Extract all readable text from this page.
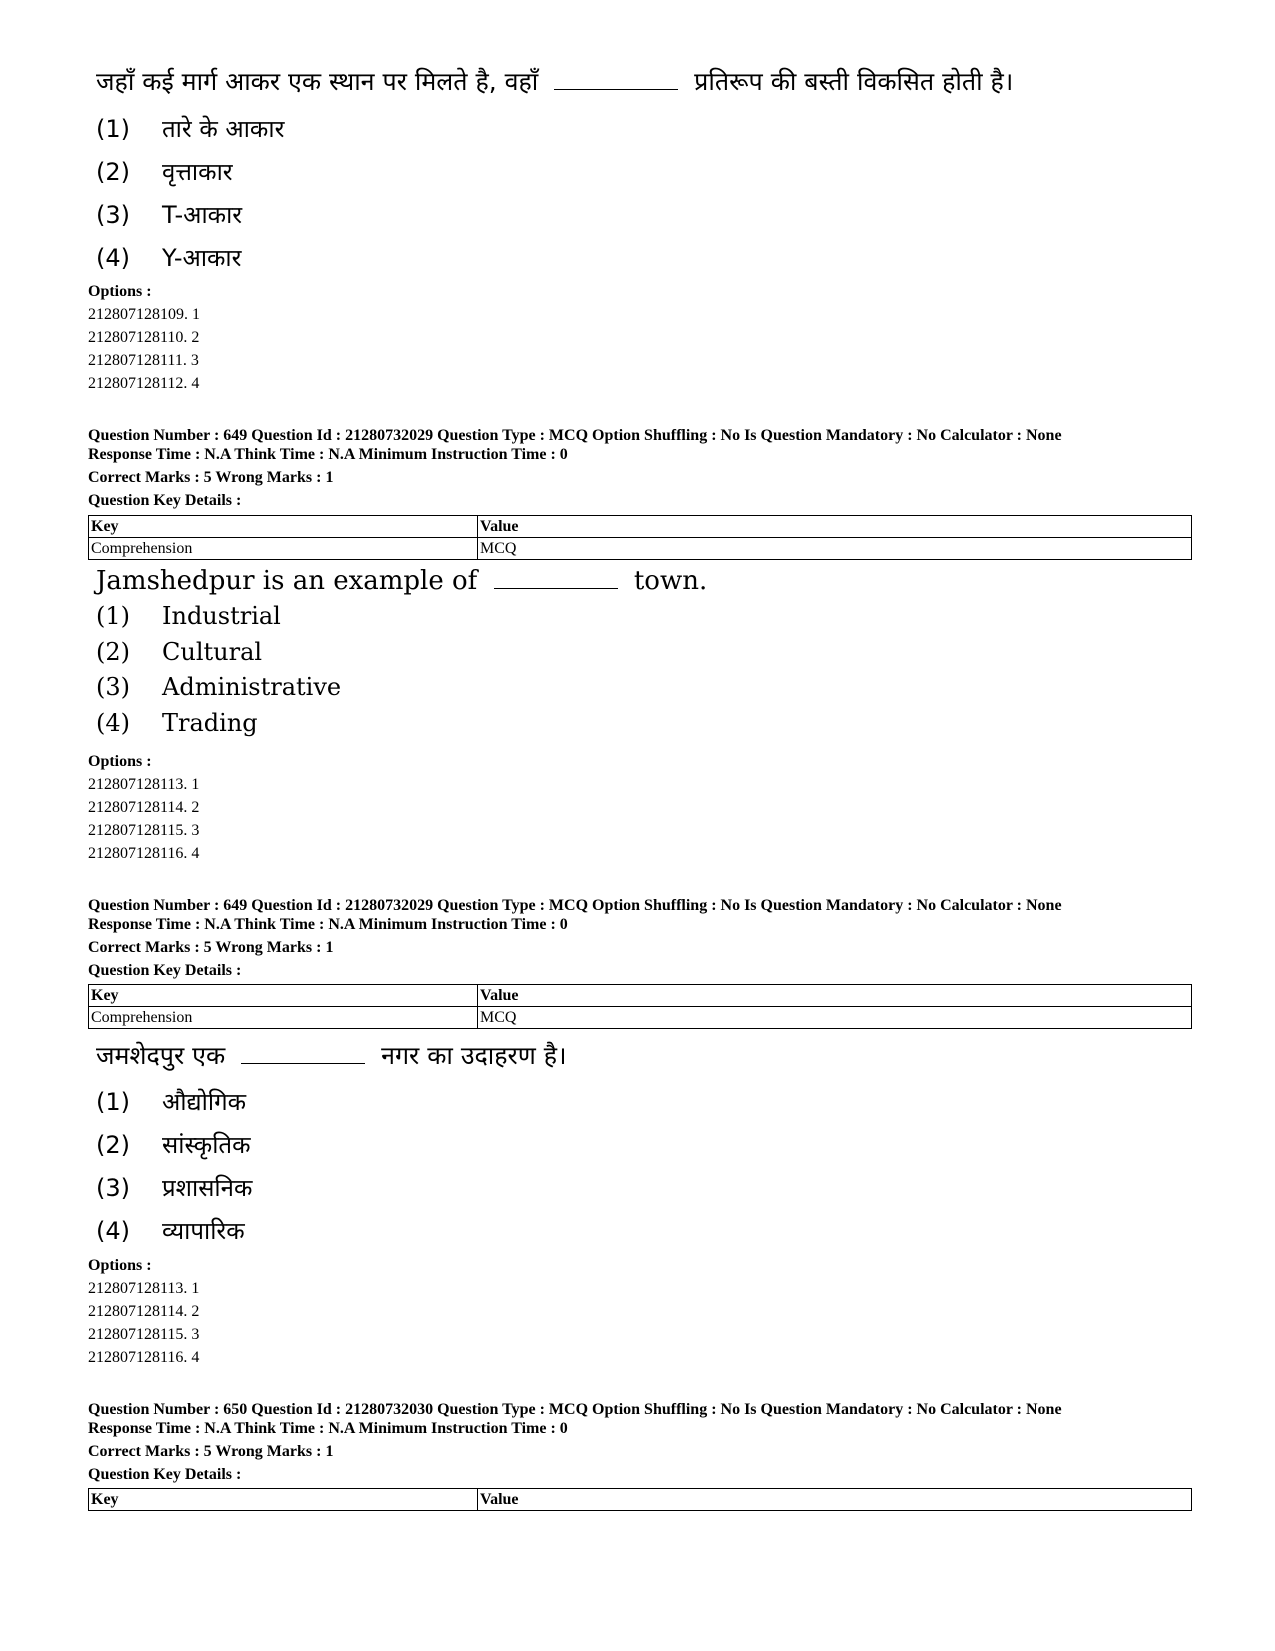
जहाँ कई मार्ग आकर एक स्थान पर मिलते है, वहाँ	प्रतिरूप की बस्ती विकसित होती है।
(1) तारे के आकार
(2) वृत्ताकार
(3) T-आकार
(4) Y-आकार
Options :
212807128109. 1
212807128110. 2
212807128111. 3
212807128112. 4
Question Number : 649 Question Id : 21280732029 Question Type : MCQ Option Shuffling : No Is Question Mandatory : No Calculator : None
Response Time : N.A Think Time : N.A Minimum Instruction Time : 0
Correct Marks : 5 Wrong Marks : 1
Question Key Details :
Key	Value
Comprehension	MCQ
Jamshedpur is an example of	town.
(1) Industrial
(2) Cultural
(3) Administrative
(4) Trading
Options :
212807128113. 1
212807128114. 2
212807128115. 3
212807128116. 4
Question Number : 649 Question Id : 21280732029 Question Type : MCQ Option Shuffling : No Is Question Mandatory : No Calculator : None
Response Time : N.A Think Time : N.A Minimum Instruction Time : 0
Correct Marks : 5 Wrong Marks : 1
Question Key Details :
Key	Value
Comprehension	MCQ
जमशेदपुर एक	नगर का उदाहरण है।
(1) औद्योगिक
(2) सांस्कृतिक
(3) प्रशासनिक
(4) व्यापारिक
Options :
212807128113. 1
212807128114. 2
212807128115. 3
212807128116. 4
Question Number : 650 Question Id : 21280732030 Question Type : MCQ Option Shuffling : No Is Question Mandatory : No Calculator : None
Response Time : N.A Think Time : N.A Minimum Instruction Time : 0
Correct Marks : 5 Wrong Marks : 1
Question Key Details :
Key	Value
